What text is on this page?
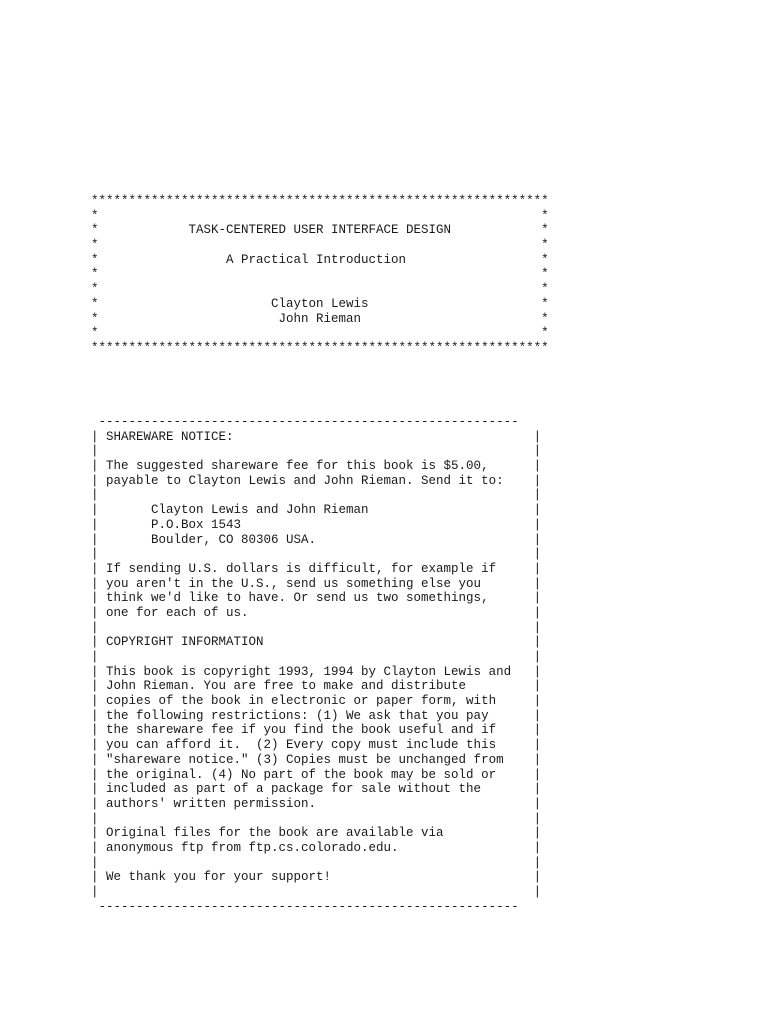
*************************************************************
*                                                           *
*            TASK-CENTERED USER INTERFACE DESIGN            *
*                                                           *
*                 A Practical Introduction                  *
*                                                           *
*                                                           *
*                       Clayton Lewis                       *
*                        John Rieman                        *
*                                                           *
*************************************************************
--------------------------------------------------------
| SHAREWARE NOTICE:                                        |
|                                                          |
| The suggested shareware fee for this book is $5.00,      |
| payable to Clayton Lewis and John Rieman. Send it to:    |
|                                                          |
|       Clayton Lewis and John Rieman                      |
|       P.O.Box 1543                                       |
|       Boulder, CO 80306 USA.                             |
|                                                          |
| If sending U.S. dollars is difficult, for example if     |
| you aren't in the U.S., send us something else you       |
| think we'd like to have. Or send us two somethings,      |
| one for each of us.                                      |
|                                                          |
| COPYRIGHT INFORMATION                                    |
|                                                          |
| This book is copyright 1993, 1994 by Clayton Lewis and   |
| John Rieman. You are free to make and distribute         |
| copies of the book in electronic or paper form, with     |
| the following restrictions: (1) We ask that you pay      |
| the shareware fee if you find the book useful and if     |
| you can afford it.  (2) Every copy must include this     |
| "shareware notice." (3) Copies must be unchanged from    |
| the original. (4) No part of the book may be sold or     |
| included as part of a package for sale without the       |
| authors' written permission.                             |
|                                                          |
| Original files for the book are available via            |
| anonymous ftp from ftp.cs.colorado.edu.                  |
|                                                          |
| We thank you for your support!                           |
|                                                          |
--------------------------------------------------------
